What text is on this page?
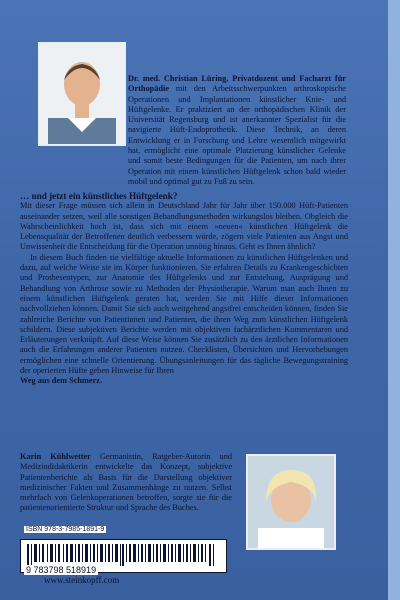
Dr. med. Christian Lüring, Privatdozent und Facharzt für Orthopädie mit den Arbeitsschwerpunkten arthroskopische Operationen und Implantationen künstlicher Knie- und Hüftgelenke. Er praktiziert an der orthopädischen Klinik der Universität Regensburg und ist anerkannter Spezialist für die navigierte Hüft-Endoprothetik. Diese Technik, an deren Entwicklung er in Forschung und Lehre wesentlich mitgewirkt hat, ermöglicht eine optimale Platzierung künstlicher Gelenke und somit beste Bedingungen für die Patienten, um nach ihrer Operation mit einem künstlichen Hüftgelenk schon bald wieder mobil und optimal gut zu Fuß zu sein.
… und jetzt ein künstliches Hüftgelenk?
Mit dieser Frage müssen sich allein in Deutschland Jahr für Jahr über 150.000 Hüft-Patienten auseinander setzen, weil alle sonstigen Behandlungsmethoden wirkungslos bleiben. Obgleich die Wahrscheinlichkeit hoch ist, dass sich mit einem »neuen« künstlichen Hüftgelenk die Lebensqualität der Betroffenen deutlich verbessern würde, zögern viele Patienten aus Angst und Unwissenheit die Entscheidung für die Operation unnötig hinaus. Geht es Ihnen ähnlich?
In diesem Buch finden sie vielfältige aktuelle Informationen zu künstlichen Hüftgelenken und dazu, auf welche Weise sie im Körper funktionieren. Sie erfahren Details zu Krankengeschichten und Prothesentypen, zur Anatomie des Hüftgelenks und zur Entstehung, Ausprägung und Behandlung von Arthrose sowie zu Methoden der Physiotherapie. Warum man auch Ihnen zu einem künstlichen Hüftgelenk geraten hat, werden Sie mit Hilfe dieser Informationen nachvollziehen können. Damit Sie sich auch weitgehend angstfrei entscheiden können, finden Sie zahlreiche Berichte von Patientinnen und Patienten, die ihren Weg zum künstlichen Hüftgelenk schildern. Diese subjektiven Berichte werden mit objektiven fachärztlichen Kommentaren und Erläuterungen verknüpft. Auf diese Weise können Sie zusätzlich zu den ärztlichen Informationen auch die Erfahrungen anderer Patienten nutzen. Checklisten, Übersichten und Hervorhebungen ermöglichen eine schnelle Orientierung. Übungsanleitungen für das tägliche Bewegungstraining der operierten Hüfte geben Hinweise für Ihren
Weg aus dem Schmerz.
Karin Kühlwetter Germanistin, Ratgeber-Autorin und Medizindidaktikerin entwickelte das Konzept, subjektive Patientenberichte als Basis für die Darstellung objektiver medizinischer Fakten und Zusammenhänge zu nutzen. Selbst mehrfach von Gelenkoperationen betroffen, sorgte sie für die patientenorientierte Struktur und Sprache des Buches.
ISBN 978-3-7985-1891-9
9 783798 518919
www.steinkopff.com
